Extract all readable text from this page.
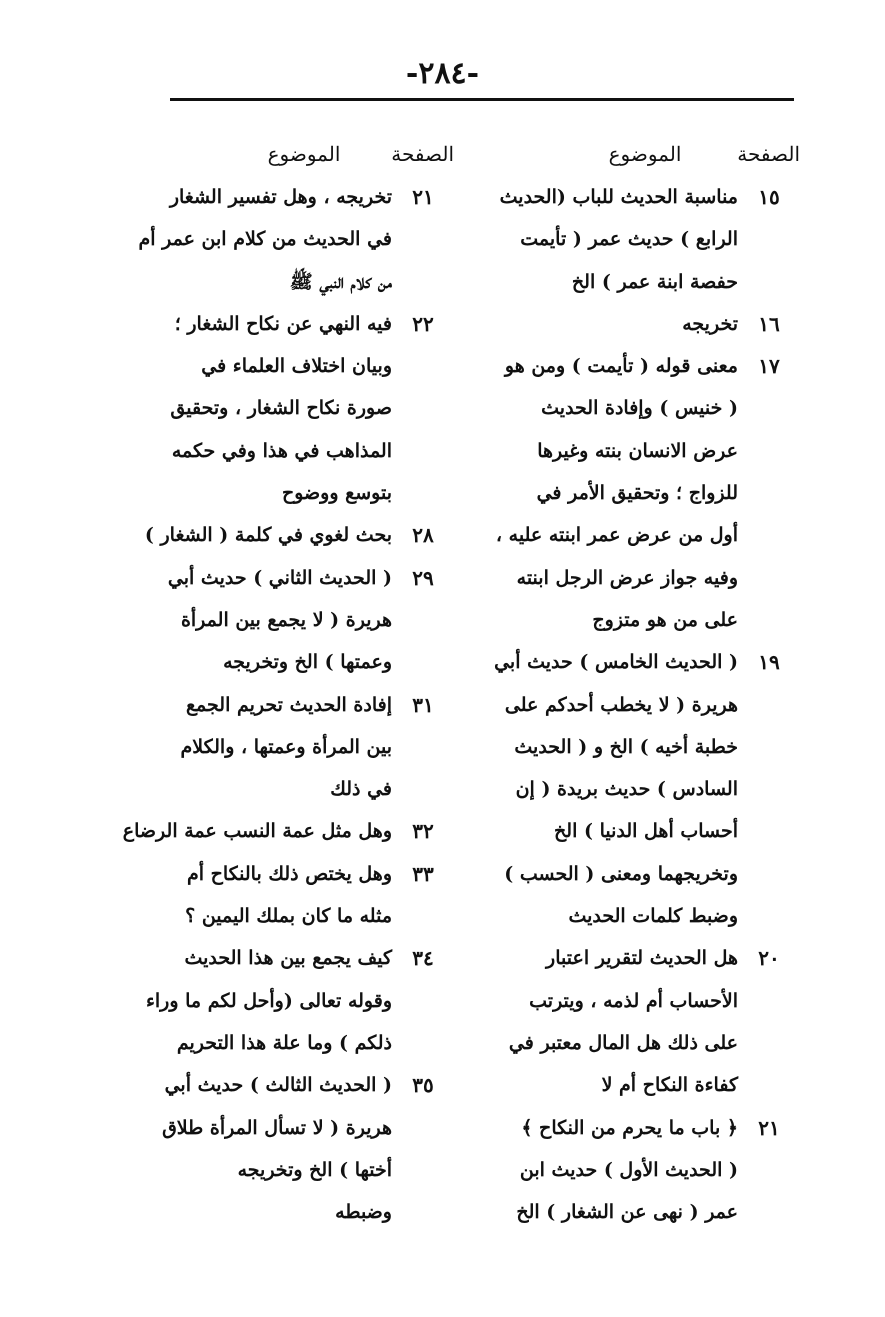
-٢٨٤-
الصفحة
الموضوع
١٥
مناسبة الحديث للباب (الحديث
الرابع ) حديث عمر ( تأيمت
حفصة ابنة عمر ) الخ
١٦
تخريجه
١٧
معنى قوله ( تأيمت ) ومن هو
( خنيس ) وإفادة الحديث
عرض الانسان بنته وغيرها
للزواج ؛ وتحقيق الأمر في
أول من عرض عمر ابنته عليه ،
وفيه جواز عرض الرجل ابنته
على من هو متزوج
١٩
( الحديث الخامس ) حديث أبي
هريرة ( لا يخطب أحدكم على
خطبة أخيه ) الخ و ( الحديث
السادس ) حديث بريدة ( إن
أحساب أهل الدنيا ) الخ
وتخريجهما ومعنى ( الحسب )
وضبط كلمات الحديث
٢٠
هل الحديث لتقرير اعتبار
الأحساب أم لذمه ، ويترتب
على ذلك هل المال معتبر في
كفاءة النكاح أم لا
٢١
﴿ باب ما يحرم من النكاح ﴾
( الحديث الأول ) حديث ابن
عمر ( نهى عن الشغار ) الخ
الصفحة
الموضوع
٢١
تخريجه ، وهل تفسير الشغار
في الحديث من كلام ابن عمر أم
من كلام النبي ﷺ
٢٢
فيه النهي عن نكاح الشغار ؛
وبيان اختلاف العلماء في
صورة نكاح الشغار ، وتحقيق
المذاهب في هذا وفي حكمه
بتوسع ووضوح
٢٨
بحث لغوي في كلمة ( الشغار )
٢٩
( الحديث الثاني ) حديث أبي
هريرة ( لا يجمع بين المرأة
وعمتها ) الخ وتخريجه
٣١
إفادة الحديث تحريم الجمع
بين المرأة وعمتها ، والكلام
في ذلك
٣٢
وهل مثل عمة النسب عمة الرضاع
٣٣
وهل يختص ذلك بالنكاح أم
مثله ما كان بملك اليمين ؟
٣٤
كيف يجمع بين هذا الحديث
وقوله تعالى (وأحل لكم ما وراء
ذلكم ) وما علة هذا التحريم
٣٥
( الحديث الثالث ) حديث أبي
هريرة ( لا تسأل المرأة طلاق
أختها ) الخ وتخريجه
وضبطه
